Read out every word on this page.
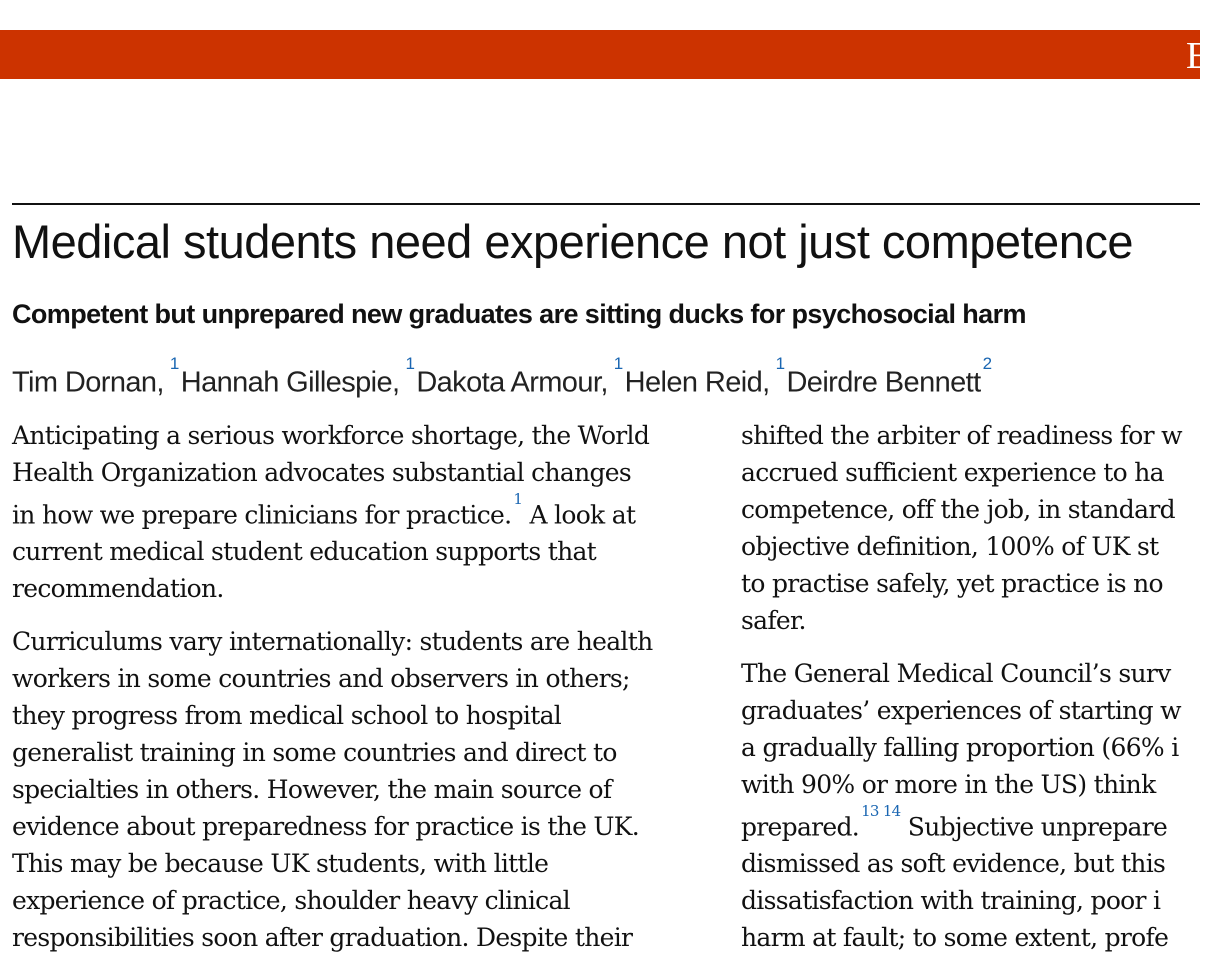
E
Medical students need experience not just competence
Competent but unprepared new graduates are sitting ducks for psychosocial harm
Tim Dornan,$^1$Hannah Gillespie,$^1$Dakota Armour,$^1$Helen Reid,$^1$Deirdre Bennett$^2$

Anticipating a serious workforce shortage, the World
Health Organization advocates substantial changes
in how we prepare clinicians for practice.$^1$ A look at
current medical student education supports that
recommendation.

Curriculums vary internationally: students are health
workers in some countries and observers in others;
they progress from medical school to hospital
generalist training in some countries and direct to
specialties in others. However, the main source of
evidence about preparedness for practice is the UK.
This may be because UK students, with little
experience of practice, shoulder heavy clinical
responsibilities soon after graduation. Despite their

shifted the arbiter of readiness for w
accrued sufficient experience to ha
competence, off the job, in standard
objective definition, 100% of UK st
to practise safely, yet practice is no
safer.

The General Medical Council’s surv
graduates’ experiences of starting w
a gradually falling proportion (66% i
with 90% or more in the US) think
prepared.$^{13 14}$ Subjective unprepare
dismissed as soft evidence, but this
dissatisfaction with training, poor i
harm at fault; to some extent, profe
